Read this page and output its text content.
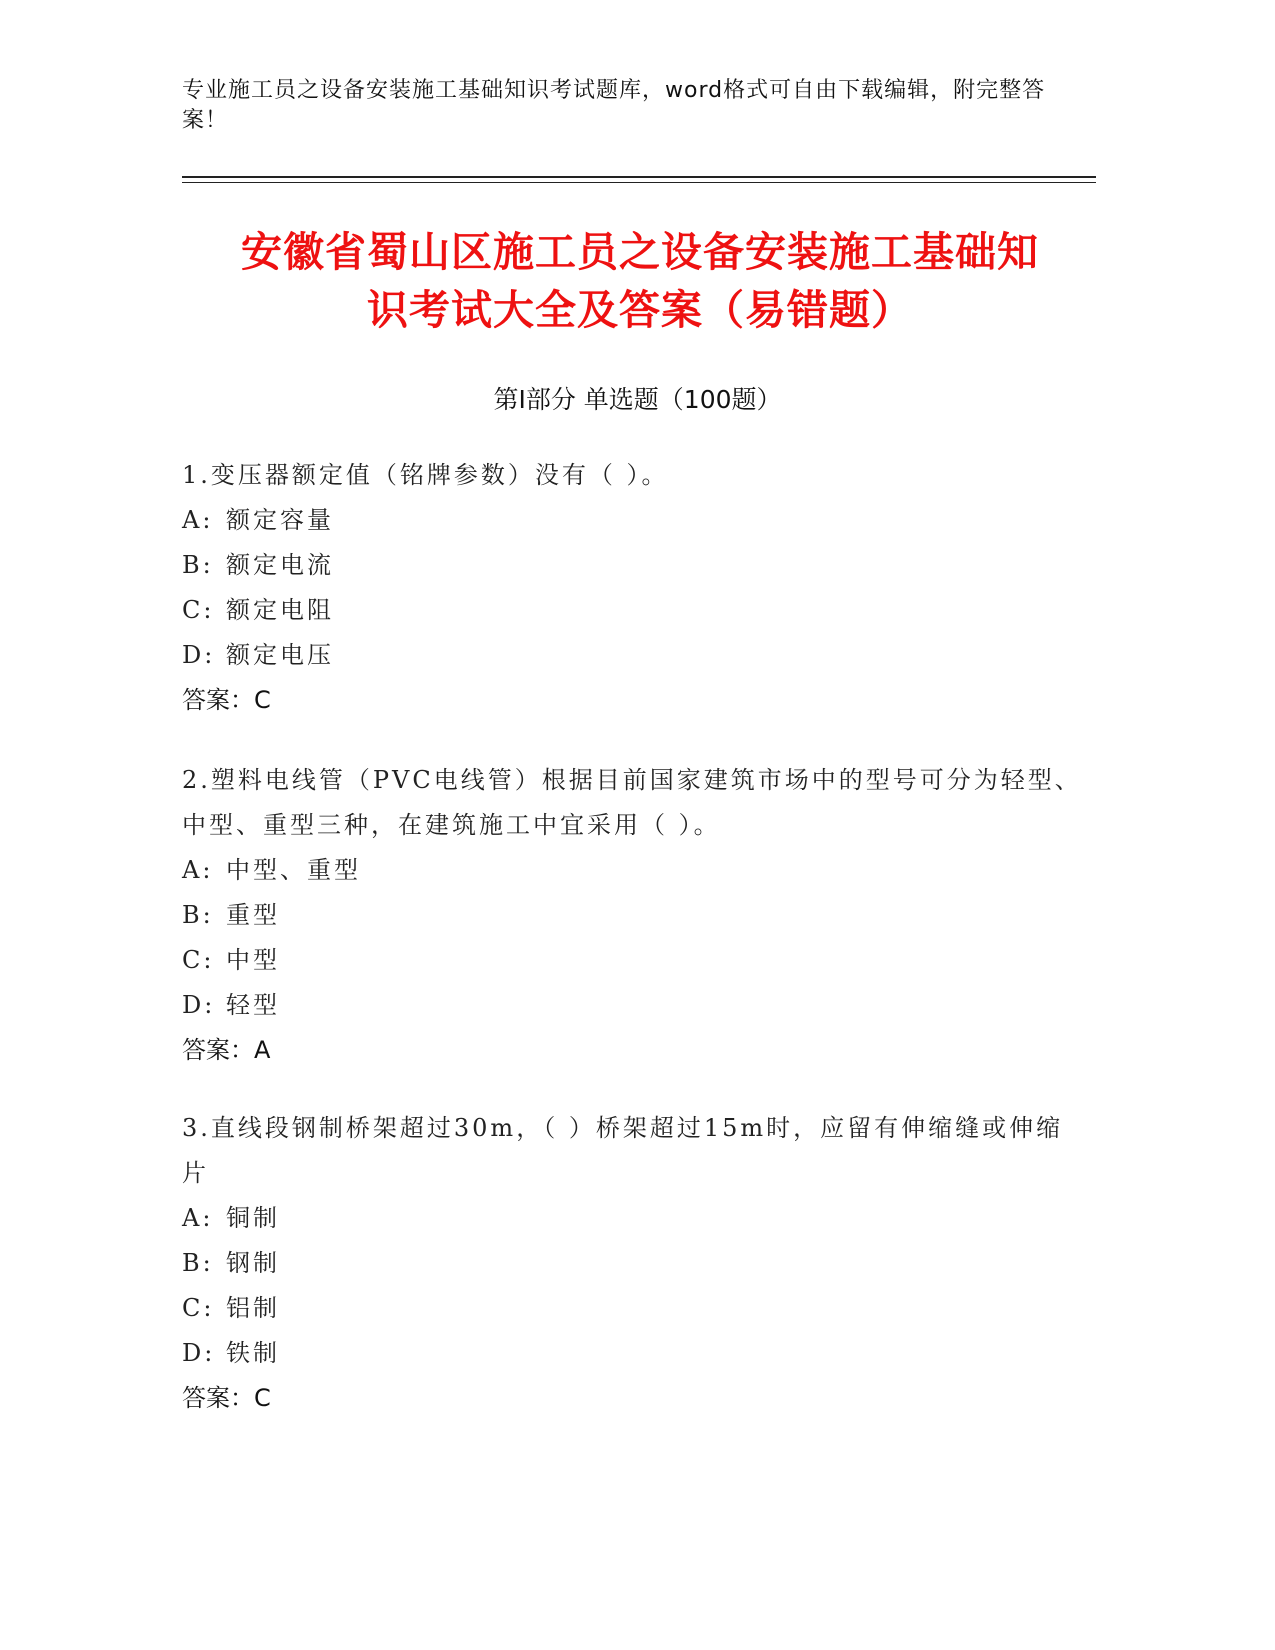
专业施工员之设备安装施工基础知识考试题库，word格式可自由下载编辑，附完整答案！
安徽省蜀山区施工员之设备安装施工基础知
识考试大全及答案（易错题）
第Ⅰ部分 单选题（100题）
1.变压器额定值（铭牌参数）没有（ ）。
A: 额定容量
B: 额定电流
C: 额定电阻
D: 额定电压
答案：C
2.塑料电线管（PVC电线管）根据目前国家建筑市场中的型号可分为轻型、中型、重型三种，在建筑施工中宜采用（ ）。
A: 中型、重型
B: 重型
C: 中型
D: 轻型
答案：A
3.直线段钢制桥架超过30m，（ ）桥架超过15m时，应留有伸缩缝或伸缩片
A: 铜制
B: 钢制
C: 铝制
D: 铁制
答案：C
